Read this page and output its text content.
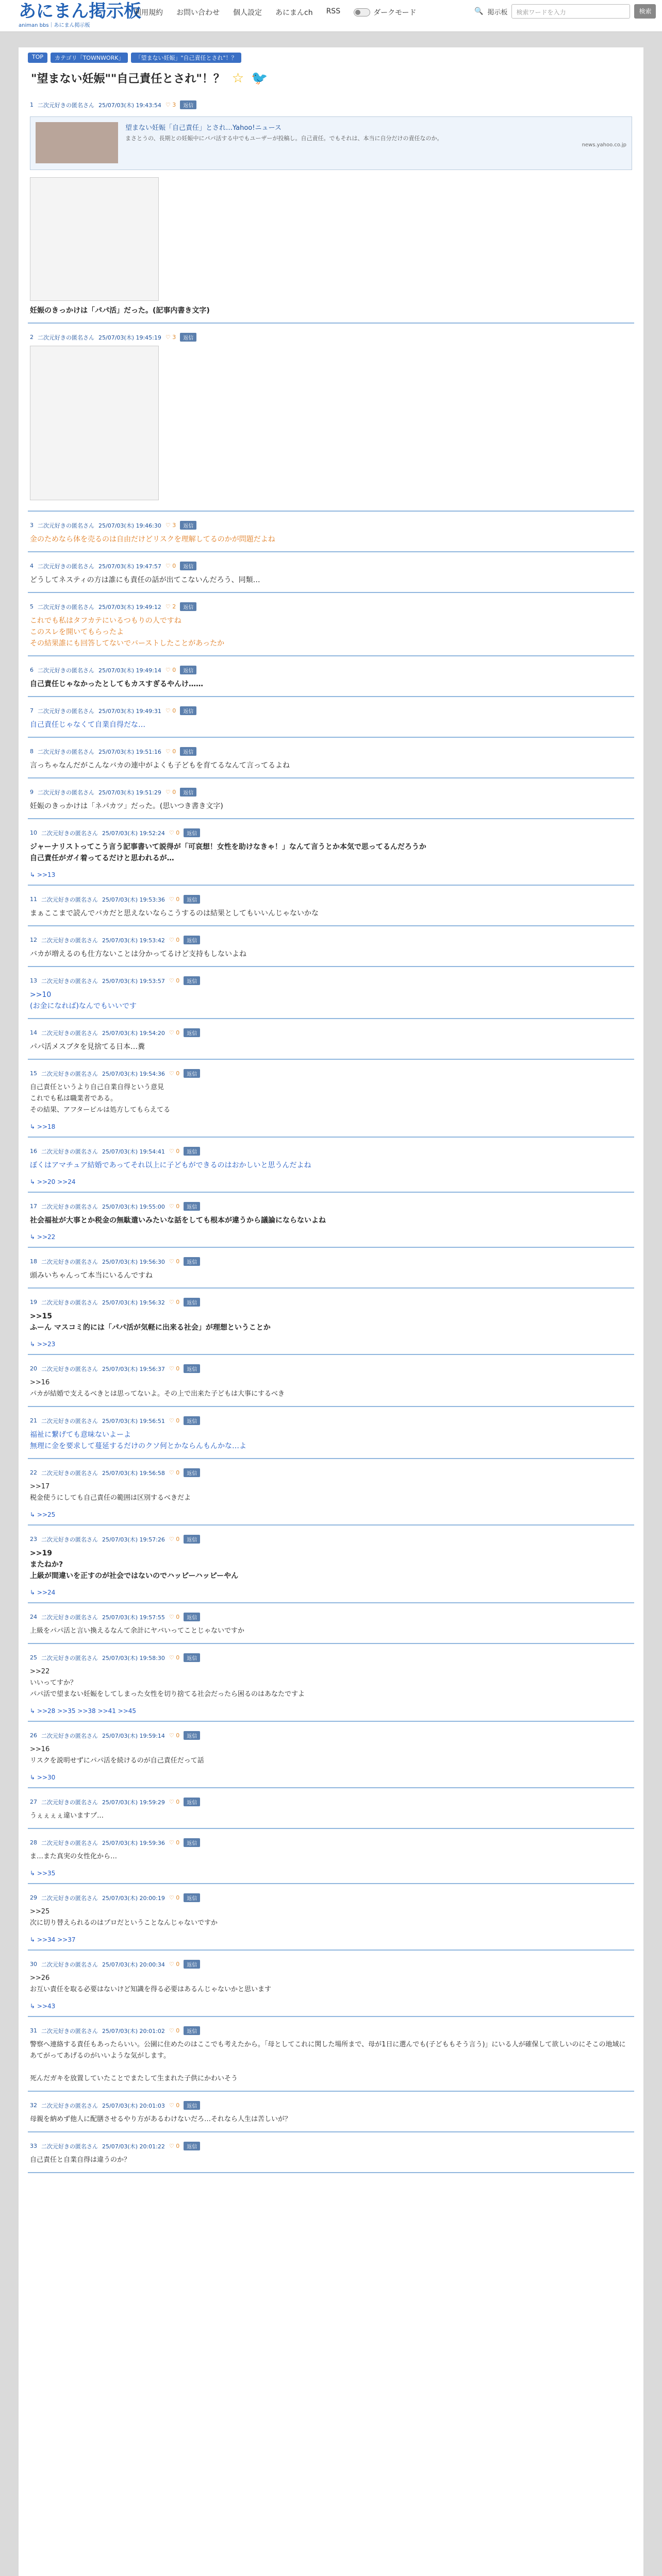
あにまん掲示板
animan bbs｜あにまん掲示板
利用規約 お問い合わせ 個人設定 あにまんch RSS	ダークモード	🔍 掲示板	検索ワードを入力	検索
TOP	カテゴリ「TOWNWORK」	「望まない妊娠」"自己責任とされ"！？
"望まない妊娠""自己責任とされ"！？ ☆ 🐦
1 二次元好きの匿名さん 25/07/03(木) 19:43:54 ♡ 3	返信
望まない妊娠「自己責任」とされ…Yahoo!ニュース
まさとうの、長期との妊娠中にパパ活する中でもユーザーが投稿し。自己責任。でもそれは、本当に自分だけの責任なのか。
news.yahoo.co.jp
妊娠のきっかけは「パパ活」だった。(記事内書き文字)
2 二次元好きの匿名さん 25/07/03(木) 19:45:19 ♡ 3	返信
3 二次元好きの匿名さん 25/07/03(木) 19:46:30 ♡ 3	返信
金のためなら体を売るのは自由だけどリスクを理解してるのかが問題だよね
4 二次元好きの匿名さん 25/07/03(木) 19:47:57 ♡ 0	返信
どうしてネスティの方は誰にも責任の話が出てこないんだろう、同類…
5 二次元好きの匿名さん 25/07/03(木) 19:49:12 ♡ 2	返信
これでも私はタフカテにいるつもりの人ですね
このスレを開いてもらったよ
その結果誰にも回答してないでバーストしたことがあったか
6 二次元好きの匿名さん 25/07/03(木) 19:49:14 ♡ 0	返信
自己責任じゃなかったとしてもカスすぎるやんけ……
7 二次元好きの匿名さん 25/07/03(木) 19:49:31 ♡ 0	返信
自己責任じゃなくて自業自得だな…
8 二次元好きの匿名さん 25/07/03(木) 19:51:16 ♡ 0	返信
言っちゃなんだがこんなバカの連中がよくも子どもを育てるなんて言ってるよね
9 二次元好きの匿名さん 25/07/03(木) 19:51:29 ♡ 0	返信
妊娠のきっかけは「ネパカツ」だった。(思いつき書き文字)
10 二次元好きの匿名さん 25/07/03(木) 19:52:24 ♡ 0	返信
ジャーナリストってこう言う記事書いて説得が「可哀想！女性を助けなきゃ！」なんて言うとか本気で思ってるんだろうか
自己責任がガイ着ってるだけと思われるが…
↳ >>13
11 二次元好きの匿名さん 25/07/03(木) 19:53:36 ♡ 0	返信
まぁここまで読んでバカだと思えないならこうするのは結果としてもいいんじゃないかな
12 二次元好きの匿名さん 25/07/03(木) 19:53:42 ♡ 0	返信
バカが増えるのも仕方ないことは分かってるけど支持もしないよね
13 二次元好きの匿名さん 25/07/03(木) 19:53:57 ♡ 0	返信
>>10
(お金になれば)なんでもいいです
14 二次元好きの匿名さん 25/07/03(木) 19:54:20 ♡ 0	返信
パパ活メスブタを見捨てる日本…糞
15 二次元好きの匿名さん 25/07/03(木) 19:54:36 ♡ 0	返信
自己責任というより自己自業自得という意見
これでも私は職業者である。
その結果、アフターピルは処方してもらえてる
↳ >>18
16 二次元好きの匿名さん 25/07/03(木) 19:54:41 ♡ 0	返信
ぼくはアマチュア結婚であってそれ以上に子どもができるのはおかしいと思うんだよね
↳ >>20 >>24
17 二次元好きの匿名さん 25/07/03(木) 19:55:00 ♡ 0	返信
社会福祉が大事とか税金の無駄遣いみたいな話をしても根本が違うから議論にならないよね
↳ >>22
18 二次元好きの匿名さん 25/07/03(木) 19:56:30 ♡ 0	返信
頭みいちゃんって本当にいるんですね
19 二次元好きの匿名さん 25/07/03(木) 19:56:32 ♡ 0	返信
>>15
ふーん マスコミ的には「パパ活が気軽に出来る社会」が理想ということか
↳ >>23
20 二次元好きの匿名さん 25/07/03(木) 19:56:37 ♡ 0	返信
>>16
パカが結婚で支えるべきとは思ってないよ。その上で出来た子どもは大事にするべき
21 二次元好きの匿名さん 25/07/03(木) 19:56:51 ♡ 0	返信
福祉に繋げても意味ないよーよ
無理に金を要求して蔓延するだけのクソ何とかならんもんかな…よ
22 二次元好きの匿名さん 25/07/03(木) 19:56:58 ♡ 0	返信
>>17
税金使うにしても自己責任の範囲は区別するべきだよ
↳ >>25
23 二次元好きの匿名さん 25/07/03(木) 19:57:26 ♡ 0	返信
>>19
またねか?
上級が間違いを正すのが社会ではないのでハッピーハッピーやん
↳ >>24
24 二次元好きの匿名さん 25/07/03(木) 19:57:55 ♡ 0	返信
上級をパパ活と言い換えるなんて余計にヤバいってことじゃないですか
25 二次元好きの匿名さん 25/07/03(木) 19:58:30 ♡ 0	返信
>>22
いいってすか？
パパ活で望まない妊娠をしてしまった女性を切り捨てる社会だったら困るのはあなたですよ
↳ >>28 >>35 >>38 >>41 >>45
26 二次元好きの匿名さん 25/07/03(木) 19:59:14 ♡ 0	返信
>>16
リスクを説明せずにパパ活を続けるのが自己責任だって話
↳ >>30
27 二次元好きの匿名さん 25/07/03(木) 19:59:29 ♡ 0	返信
うぇぇぇぇ違いますプ…
28 二次元好きの匿名さん 25/07/03(木) 19:59:36 ♡ 0	返信
ま…また真実の女性化から…
↳ >>35
29 二次元好きの匿名さん 25/07/03(木) 20:00:19 ♡ 0	返信
>>25
次に切り替えられるのはプロだということなんじゃないですか
↳ >>34 >>37
30 二次元好きの匿名さん 25/07/03(木) 20:00:34 ♡ 0	返信
>>26
お互い責任を取る必要はないけど知識を得る必要はあるんじゃないかと思います
↳ >>43
31 二次元好きの匿名さん 25/07/03(木) 20:01:02 ♡ 0	返信
警察へ連絡する責任もあったらいい。公園に住めたのはここでも考えたから。「母としてこれに関した場所まで、母が1日に選んでも(子どももそう言う)」にいる人が確保して欲しいのにそこの地域にあてがってあげるのがいいような気がします。

死んだガキを放置していたことでまたして生まれた子供にかわいそう
32 二次元好きの匿名さん 25/07/03(木) 20:01:03 ♡ 0	返信
母親を納めず他人に配膳させるやり方があるわけないだろ…それなら人生は苦しいが？
33 二次元好きの匿名さん 25/07/03(木) 20:01:22 ♡ 0	返信
自己責任と自業自得は違うのか？
